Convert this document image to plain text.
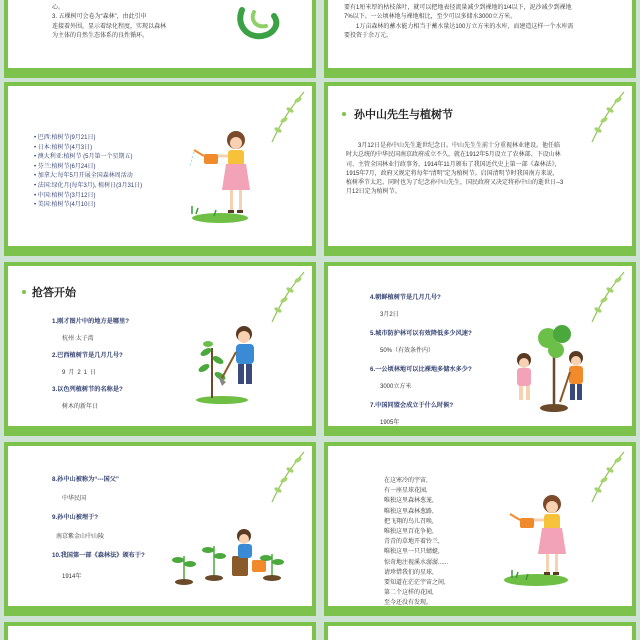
心。
3. 五棵树可会卷为“森林”，由此引申
连接着外围，显示着绿化程度，实现以森林
为主体的自然生态体系的良性循环。
要有1厘米厚的枯枝落叶，就可以把地表径流量减少到裸地的1/4以下，泥沙减少到裸地
7%以下。一公顷林地与裸地相比，至少可以多储水3000立方米。
1万亩森林的蓄水能力相当于蓄水量达100万立方米的水库，而建造这样一个水库需
要投资于余万元。
• 巴西:植树节(9月21日)
• 日本:植树节(4月3日)
• 澳大利亚:植树节 (5月第一个星期五)
• 芬兰:植树节(6月24日)
• 加拿大:每年5月开展全国森林周活动
• 法国:绿化月(每年3月), 植树日(3月31日)
• 中国:植树节(3月12日)
• 美国:植树节(4月10日)
孙中山先生与植树节
3月12日是孙中山先生逝世纪念日。中山先生生前十分重视林业建设。他任临
时大总统的中华民国南京政府成立不久，就在1912年5月设立了农林部、下设山林
司、主管全国林业行政事务。1914年11月颁布了我国近代史上第一部《森林法》，
1915年7月，政府又规定将每年“清明”定为植树节。启国清明节时我国南方来说,
植树季节太迟。同时也为了纪念孙中山先生，国民政府又决定将孙中山的逝世日--3
月12日定为植树节。
抢答开始
1.刚才图片中的地方是哪里?
杭州 太子湾
2.巴西植树节是几月几号?
9月21日
3.以色列植树节的名称是?
树木的新年日
4.朝鲜植树节是几月几号?
3月2日
5.城市防护林可以有效降低多少风速?
50%（有效条件内）
6.一公顷林地可以比裸地多储水多少?
3000立方米
7.中国同盟会成立于什么时候?
1905年
8.孙中山被称为“---国父”
中华民国
9.孙中山被埋于?
南京紫金山中山陵
10.我国第一部《森林法》颁布于?
1914年
在这寒冷的宇宙,
有一座星球花园,
唯独这里森林葱茏,
唯独这里森林葱路,
把飞翔的鸟儿召唤,
唯独这里百花争艳,
青青的草地开着铃兰,
唯独这里一只只蜻蜓,
惊奇地注视溪水潺潺......
请珍惜我们的星球,
要知道在茫茫宇宙之间,
第二个这样的花园,
至今还没有发现。
